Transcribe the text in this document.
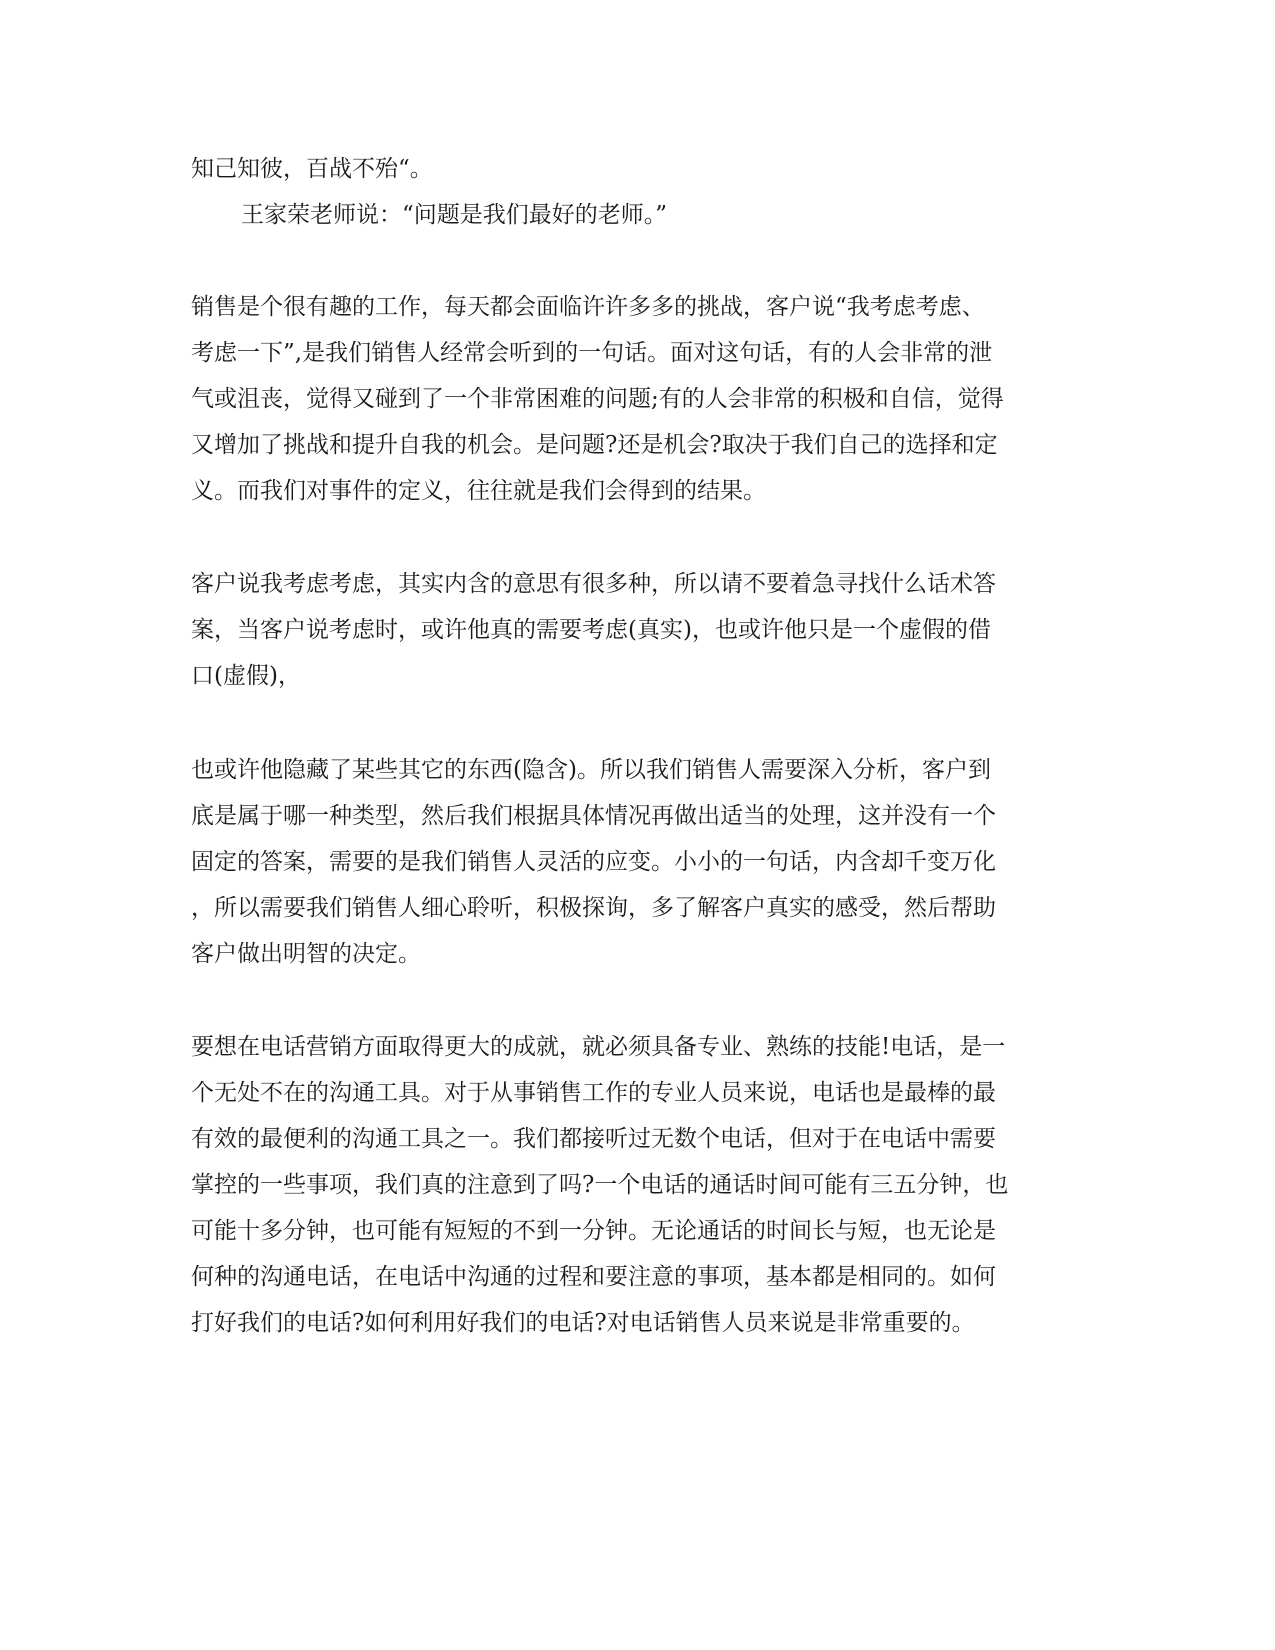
知己知彼，百战不殆“。
王家荣老师说：“问题是我们最好的老师。”
销售是个很有趣的工作，每天都会面临许许多多的挑战，客户说“我考虑考虑、
考虑一下”,是我们销售人经常会听到的一句话。面对这句话，有的人会非常的泄
气或沮丧，觉得又碰到了一个非常困难的问题;有的人会非常的积极和自信，觉得
又增加了挑战和提升自我的机会。是问题?还是机会?取决于我们自己的选择和定
义。而我们对事件的定义，往往就是我们会得到的结果。
客户说我考虑考虑，其实内含的意思有很多种，所以请不要着急寻找什么话术答
案，当客户说考虑时，或许他真的需要考虑(真实)，也或许他只是一个虚假的借
口(虚假)，
也或许他隐藏了某些其它的东西(隐含)。所以我们销售人需要深入分析，客户到
底是属于哪一种类型，然后我们根据具体情况再做出适当的处理，这并没有一个
固定的答案，需要的是我们销售人灵活的应变。小小的一句话，内含却千变万化
，所以需要我们销售人细心聆听，积极探询，多了解客户真实的感受，然后帮助
客户做出明智的决定。
要想在电话营销方面取得更大的成就，就必须具备专业、熟练的技能!电话，是一
个无处不在的沟通工具。对于从事销售工作的专业人员来说，电话也是最棒的最
有效的最便利的沟通工具之一。我们都接听过无数个电话，但对于在电话中需要
掌控的一些事项，我们真的注意到了吗?一个电话的通话时间可能有三五分钟，也
可能十多分钟，也可能有短短的不到一分钟。无论通话的时间长与短，也无论是
何种的沟通电话，在电话中沟通的过程和要注意的事项，基本都是相同的。如何
打好我们的电话?如何利用好我们的电话?对电话销售人员来说是非常重要的。
